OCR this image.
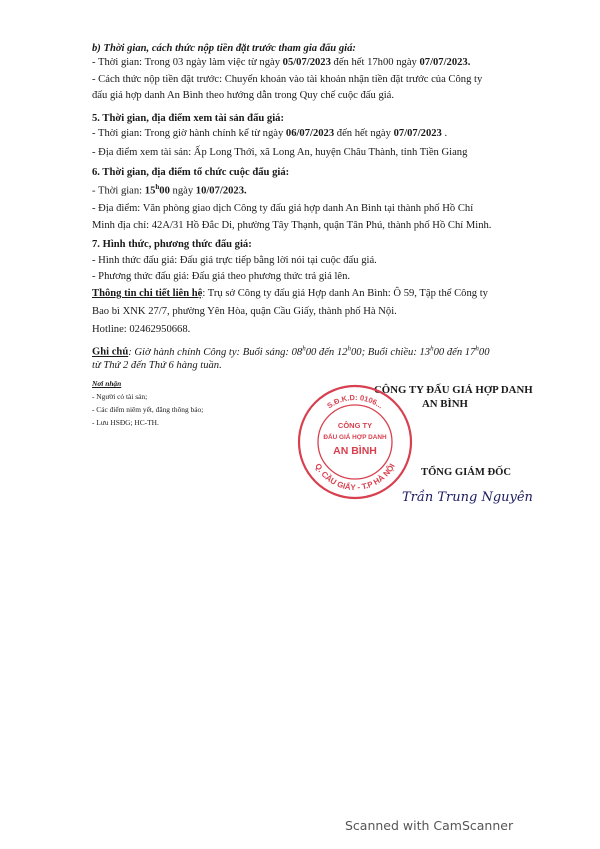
b) Thời gian, cách thức nộp tiền đặt trước tham gia đấu giá:
- Thời gian: Trong 03 ngày làm việc từ ngày 05/07/2023 đến hết 17h00 ngày 07/07/2023.
- Cách thức nộp tiền đặt trước: Chuyển khoản vào tài khoản nhận tiền đặt trước của Công ty
đấu giá hợp danh An Bình theo hướng dẫn trong Quy chế cuộc đấu giá.
5. Thời gian, địa điểm xem tài sản đấu giá:
- Thời gian: Trong giờ hành chính kể từ ngày 06/07/2023 đến hết ngày 07/07/2023 .
- Địa điểm xem tài sản: Ấp Long Thới, xã Long An, huyện Châu Thành, tỉnh Tiền Giang
6. Thời gian, địa điểm tổ chức cuộc đấu giá:
- Thời gian: 15$^h$00 ngày 10/07/2023.
- Địa điểm: Văn phòng giao dịch Công ty đấu giá hợp danh An Bình tại thành phố Hồ Chí
Minh địa chỉ: 42A/31 Hồ Đắc Di, phường Tây Thạnh, quận Tân Phú, thành phố Hồ Chí Minh.
7. Hình thức, phương thức đấu giá:
- Hình thức đấu giá: Đấu giá trực tiếp bằng lời nói tại cuộc đấu giá.
- Phương thức đấu giá: Đấu giá theo phương thức trả giá lên.
Thông tin chi tiết liên hệ: Trụ sở Công ty đấu giá Hợp danh An Bình: Ô 59, Tập thể Công ty
Bao bì XNK 27/7, phường Yên Hòa, quận Cầu Giấy, thành phố Hà Nội.
Hotline: 02462950668.
Ghi chú: Giờ hành chính Công ty: Buổi sáng: 08$^h$00 đến 12$^h$00; Buổi chiều: 13$^h$00 đến 17$^h$00
từ Thứ 2 đến Thứ 6 hàng tuần.
Nơi nhận
- Người có tài sản;
- Các điểm niêm yết, đăng thông báo;
- Lưu HSĐG; HC-TH.
CÔNG TY ĐẤU GIÁ HỢP DANH
AN BÌNH
S.Đ.K.D: 0106...
Q. CẦU GIẤY - T.P HÀ NỘI
CÔNG TY
ĐẤU GIÁ HỢP DANH
AN BÌNH
TỔNG GIÁM ĐỐC
Trần Trung Nguyên
Scanned with CamScanner
